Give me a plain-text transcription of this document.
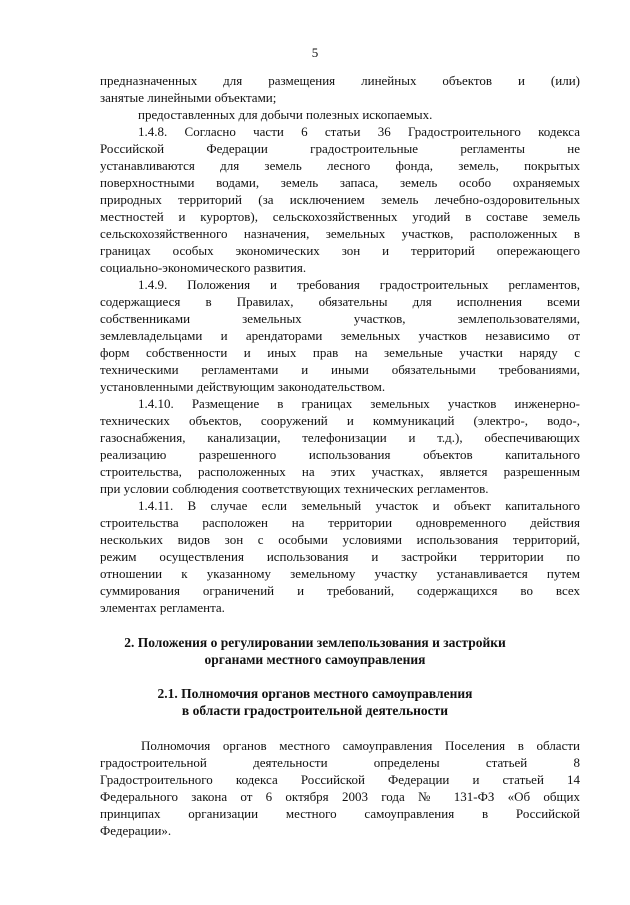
5
предназначенных для размещения линейных объектов и (или)
занятые линейными объектами;
предоставленных для добычи полезных ископаемых.
1.4.8. Согласно части 6 статьи 36 Градостроительного кодекса
Российской Федерации градостроительные регламенты не
устанавливаются для земель лесного фонда, земель, покрытых
поверхностными водами, земель запаса, земель особо охраняемых
природных территорий (за исключением земель лечебно-оздоровительных
местностей и курортов), сельскохозяйственных угодий в составе земель
сельскохозяйственного назначения, земельных участков, расположенных в
границах особых экономических зон и территорий опережающего
социально-экономического развития.
1.4.9. Положения и требования градостроительных регламентов,
содержащиеся в Правилах, обязательны для исполнения всеми
собственниками земельных участков, землепользователями,
землевладельцами и арендаторами земельных участков независимо от
форм собственности и иных прав на земельные участки наряду с
техническими регламентами и иными обязательными требованиями,
установленными действующим законодательством.
1.4.10. Размещение в границах земельных участков инженерно-
технических объектов, сооружений и коммуникаций (электро-, водо-,
газоснабжения, канализации, телефонизации и т.д.), обеспечивающих
реализацию разрешенного использования объектов капитального
строительства, расположенных на этих участках, является разрешенным
при условии соблюдения соответствующих технических регламентов.
1.4.11. В случае если земельный участок и объект капитального
строительства расположен на территории одновременного действия
нескольких видов зон с особыми условиями использования территорий,
режим осуществления использования и застройки территории по
отношении к указанному земельному участку устанавливается путем
суммирования ограничений и требований, содержащихся во всех
элементах регламента.
2. Положения о регулировании землепользования и застройки
органами местного самоуправления
2.1. Полномочия органов местного самоуправления
в области градостроительной деятельности
Полномочия органов местного самоуправления Поселения в области
градостроительной деятельности определены статьей 8
Градостроительного кодекса Российской Федерации и статьей 14
Федерального закона от 6 октября 2003 года № 131-ФЗ «Об общих
принципах организации местного самоуправления в Российской
Федерации».
